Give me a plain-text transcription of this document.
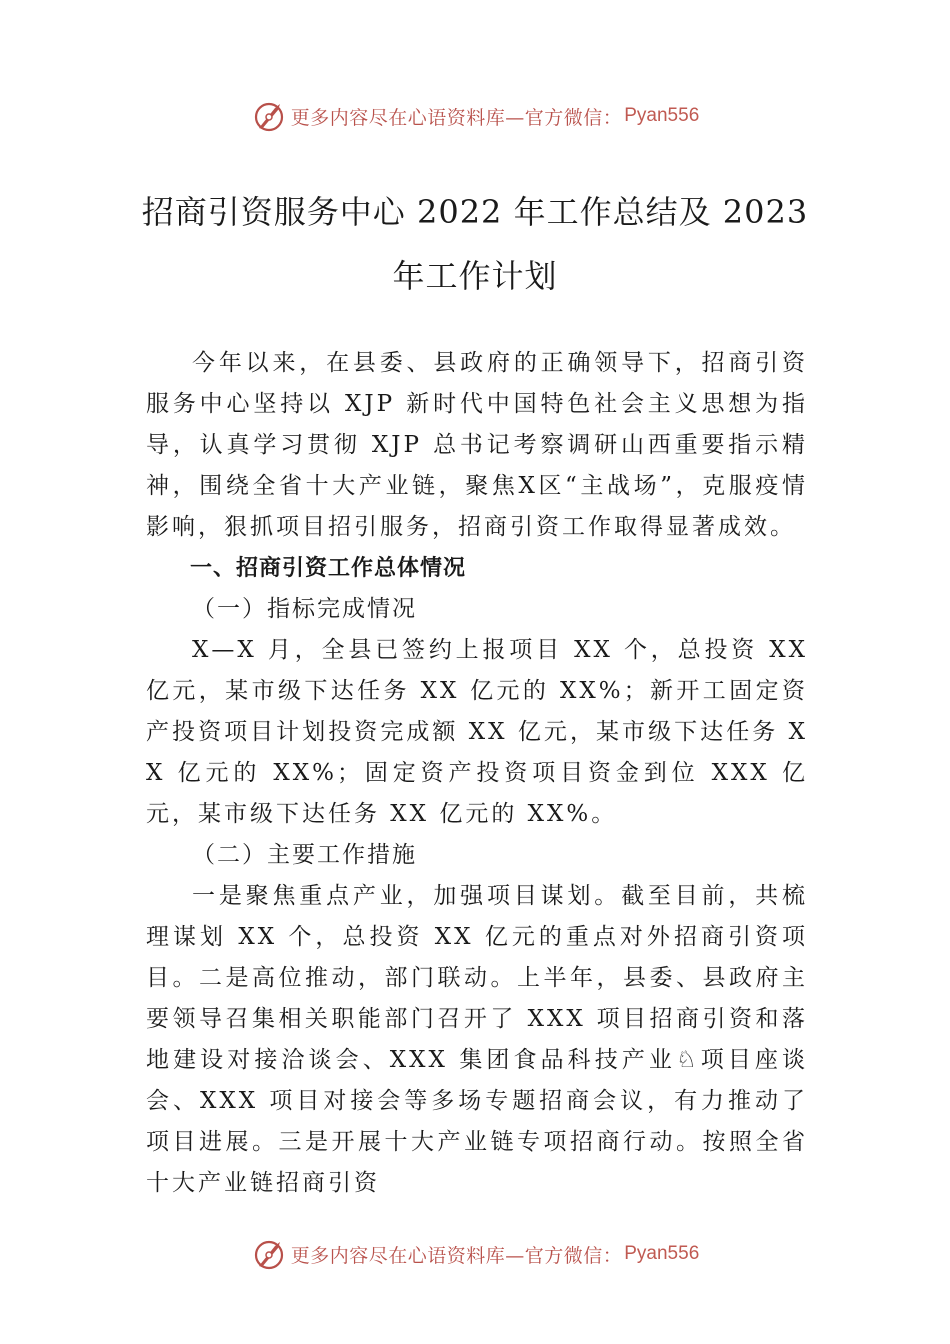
更多内容尽在心语资料库—官方微信： Pyan556
招商引资服务中心 2022 年工作总结及 2023
年工作计划

今年以来，在县委、县政府的正确领导下，招商引资服务中心坚持以 XJP 新时代中国特色社会主义思想为指导，认真学习贯彻 XJP 总书记考察调研山西重要指示精神，围绕全省十大产业链，聚焦X区“主战场”，克服疫情影响，狠抓项目招引服务，招商引资工作取得显著成效。

一、招商引资工作总体情况

（一）指标完成情况

X—X 月，全县已签约上报项目 XX 个，总投资 XX 亿元，某市级下达任务 XX 亿元的 XX%；新开工固定资产投资项目计划投资完成额 XX 亿元，某市级下达任务 XX 亿元的 XX%；固定资产投资项目资金到位 XXX 亿元，某市级下达任务 XX 亿元的 XX%。

（二）主要工作措施

一是聚焦重点产业，加强项目谋划。截至目前，共梳理谋划 XX 个，总投资 XX 亿元的重点对外招商引资项目。二是高位推动，部门联动。上半年，县委、县政府主要领导召集相关职能部门召开了 XXX 项目招商引资和落地建设对接洽谈会、XXX 集团食品科技产业♘项目座谈会、XXX 项目对接会等多场专题招商会议，有力推动了项目进展。三是开展十大产业链专项招商行动。按照全省十大产业链招商引资

更多内容尽在心语资料库—官方微信： Pyan556
